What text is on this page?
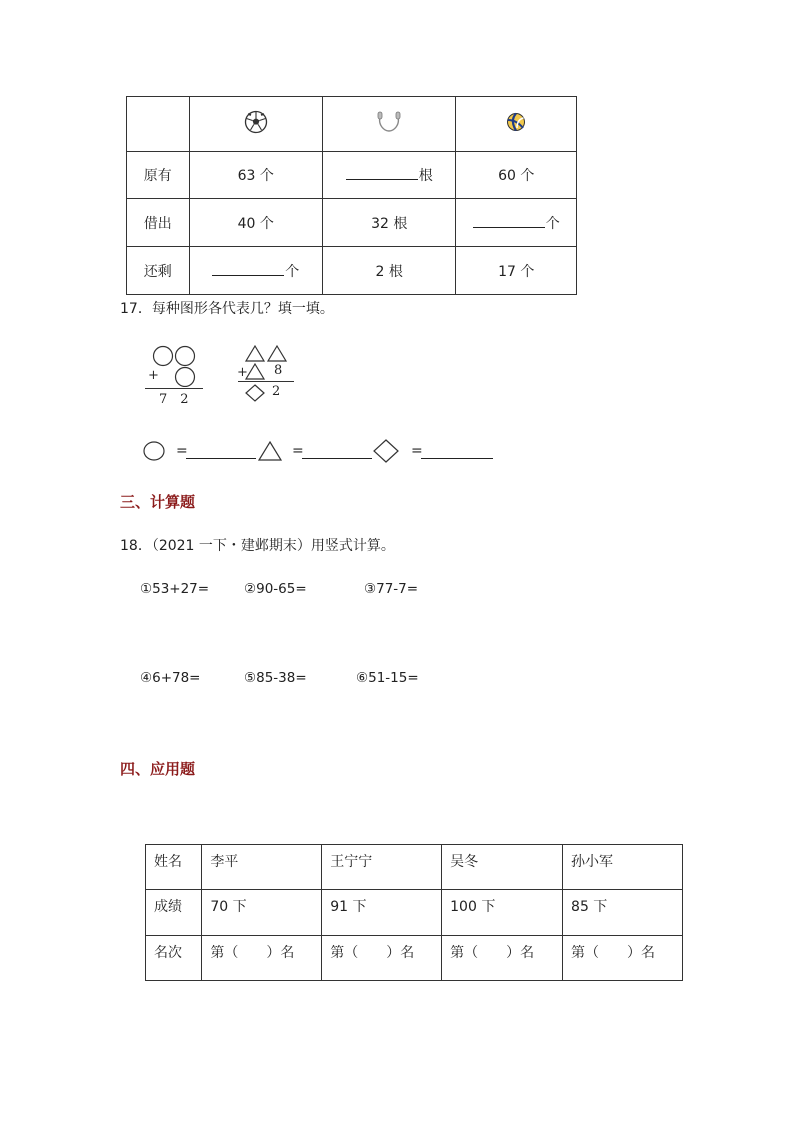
原有	63 个	根	60 个
借出	40 个	32 根	个
还剩	个	2 根	17 个
17．每种图形各代表几？填一填。
+
7　2
+ 8
2
=	=	=
三、计算题
18．（2021 一下・建邺期末）用竖式计算。
①53+27=	②90-65=	③77-7=
④6+78=	⑤85-38=	⑥51-15=
四、应用题
姓名	李平	王宁宁	吴冬	孙小军
成绩	70 下	91 下	100 下	85 下
名次	第（　　）名	第（　　）名	第（　　）名	第（　　）名
